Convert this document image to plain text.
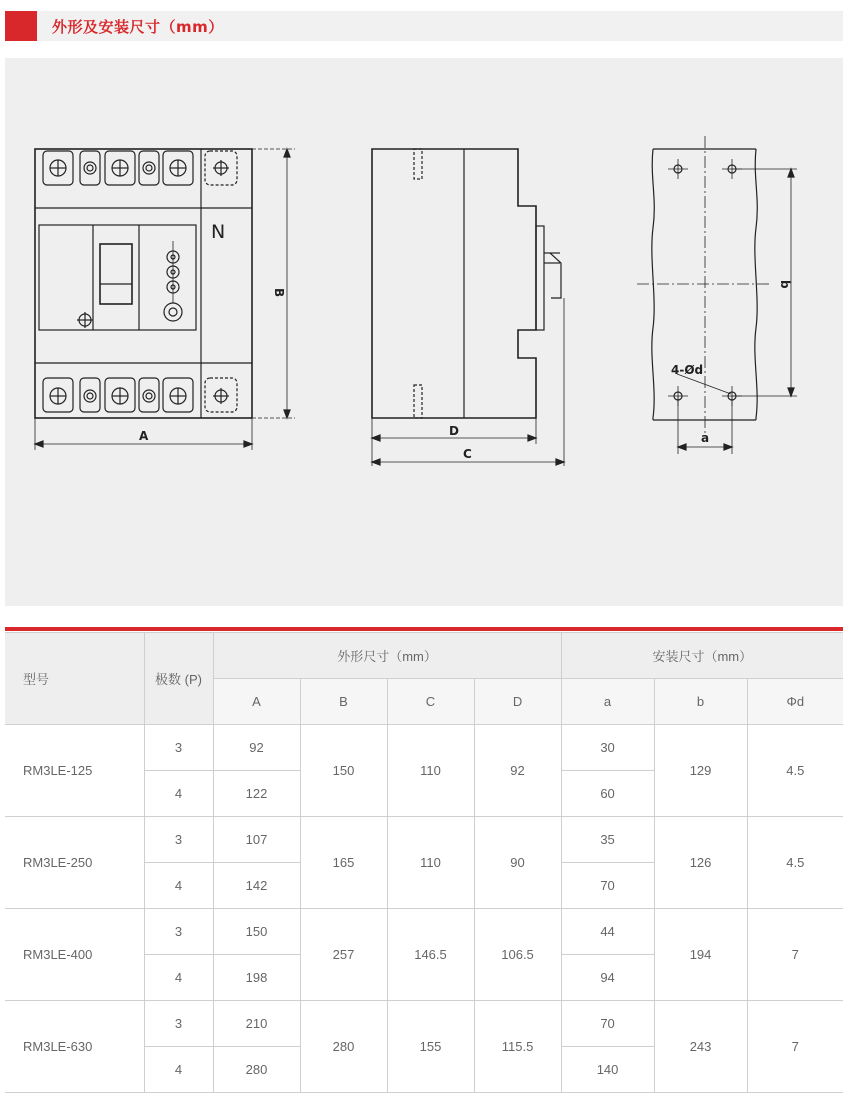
外形及安装尺寸（mm）
N
A
B
D
C
4-Ød
b
a
型号	极数 (P)	外形尺寸（mm）				安装尺寸（mm）		
		A	B	C	D	a	b	Φd
RM3LE-125	3	92	150	110	92	30	129	4.5
	4	122				60		
RM3LE-250	3	107	165	110	90	35	126	4.5
	4	142				70		
RM3LE-400	3	150	257	146.5	106.5	44	194	7
	4	198				94		
RM3LE-630	3	210	280	155	115.5	70	243	7
	4	280				140		
